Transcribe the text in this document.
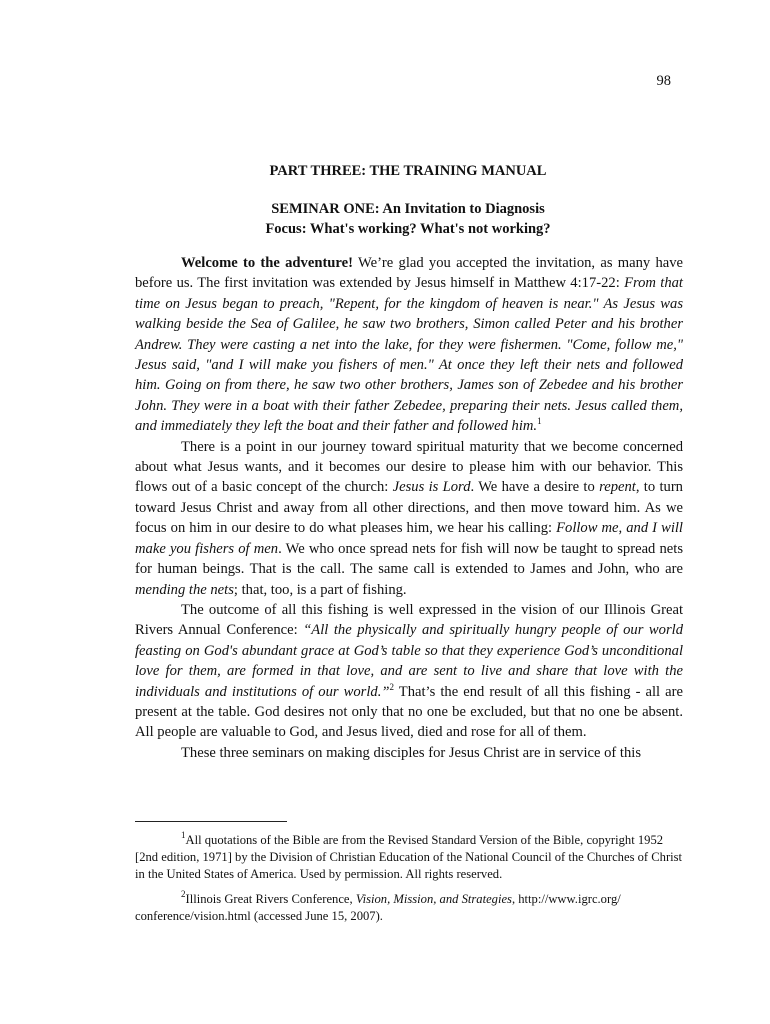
98
PART THREE: THE TRAINING MANUAL
SEMINAR ONE: An Invitation to Diagnosis
Focus: What's working? What's not working?

Welcome to the adventure! We’re glad you accepted the invitation, as many have before us. The first invitation was extended by Jesus himself in Matthew 4:17-22: From that time on Jesus began to preach, "Repent, for the kingdom of heaven is near." As Jesus was walking beside the Sea of Galilee, he saw two brothers, Simon called Peter and his brother Andrew. They were casting a net into the lake, for they were fishermen. "Come, follow me," Jesus said, "and I will make you fishers of men." At once they left their nets and followed him. Going on from there, he saw two other brothers, James son of Zebedee and his brother John. They were in a boat with their father Zebedee, preparing their nets. Jesus called them, and immediately they left the boat and their father and followed him.$^1$

There is a point in our journey toward spiritual maturity that we become concerned about what Jesus wants, and it becomes our desire to please him with our behavior. This flows out of a basic concept of the church: Jesus is Lord. We have a desire to repent, to turn toward Jesus Christ and away from all other directions, and then move toward him. As we focus on him in our desire to do what pleases him, we hear his calling: Follow me, and I will make you fishers of men. We who once spread nets for fish will now be taught to spread nets for human beings. That is the call. The same call is extended to James and John, who are mending the nets; that, too, is a part of fishing.

The outcome of all this fishing is well expressed in the vision of our Illinois Great Rivers Annual Conference: “All the physically and spiritually hungry people of our world feasting on God's abundant grace at God’s table so that they experience God’s unconditional love for them, are formed in that love, and are sent to live and share that love with the individuals and institutions of our world.”$^2$ That’s the end result of all this fishing - all are present at the table. God desires not only that no one be excluded, but that no one be absent. All people are valuable to God, and Jesus lived, died and rose for all of them.

These three seminars on making disciples for Jesus Christ are in service of this

$^1$All quotations of the Bible are from the Revised Standard Version of the Bible, copyright 1952 [2nd edition, 1971] by the Division of Christian Education of the National Council of the Churches of Christ in the United States of America. Used by permission. All rights reserved.

$^2$Illinois Great Rivers Conference, Vision, Mission, and Strategies, http://www.igrc.org/ conference/vision.html (accessed June 15, 2007).
